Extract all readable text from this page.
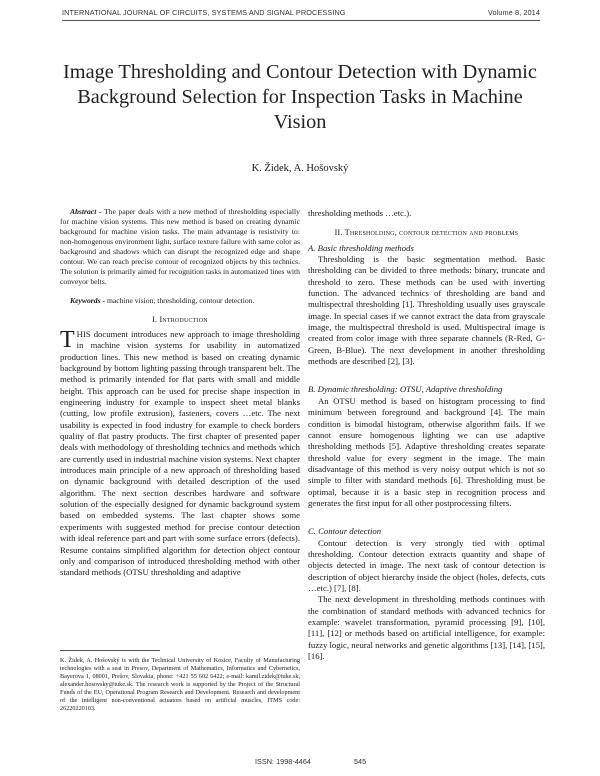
INTERNATIONAL JOURNAL OF CIRCUITS, SYSTEMS AND SIGNAL PROCESSING	Volume 8, 2014
Image Thresholding and Contour Detection with Dynamic Background Selection for Inspection Tasks in Machine Vision
K. Židek, A. Hošovský

Abstract - The paper deals with a new method of thresholding especially for machine vision systems. This new method is based on creating dynamic background for machine vision tasks. The main advantage is resistivity to: non-homogenous environment light, surface texture failure with same color as background and shadows which can disrupt the recognized edge and shape contour. We can reach precise contour of recognized objects by this technics. The solution is primarily aimed for recognition tasks in automatized lines with conveyor belts.

Keywords - machine vision, thresholding, contour detection.

I. Introduction

THIS document introduces new approach to image thresholding in machine vision systems for usability in automatized production lines. This new method is based on creating dynamic background by bottom lighting passing through transparent belt. The method is primarily intended for flat parts with small and middle height. This approach can be used for precise shape inspection in engineering industry for example to inspect sheet metal blanks (cutting, low profile extrusion), fasteners, covers …etc. The next usability is expected in food industry for example to check borders quality of flat pastry products. The first chapter of presented paper deals with methodology of thresholding technics and methods which are currently used in industrial machine vision systems. Next chapter introduces main principle of a new approach of thresholding based on dynamic background with detailed description of the used algorithm. The next section describes hardware and software solution of the especially designed for dynamic background system based on embedded systems. The last chapter shows some experiments with suggested method for precise contour detection with ideal reference part and part with some surface errors (defects). Resume contains simplified algorithm for detection object contour only and comparison of introduced thresholding method with other standard methods (OTSU thresholding and adaptive

thresholding methods …etc.).

II. Thresholding, contour detection and problems

A. Basic thresholding methods

Thresholding is the basic segmentation method. Basic thresholding can be divided to three methods: binary, truncate and threshold to zero. These methods can be used with inverting function. The advanced technics of thresholding are band and multispectral thresholding [1]. Thresholding usually uses grayscale image. In special cases if we cannot extract the data from grayscale image, the multispectral threshold is used. Multispectral image is created from color image with three separate channels (R-Red, G-Green, B-Blue). The next development in another thresholding methods are described [2], [3].

B. Dynamic thresholding: OTSU, Adaptive thresholding

An OTSU method is based on histogram processing to find minimum between foreground and background [4]. The main condition is bimodal histogram, otherwise algorithm fails. If we cannot ensure homogenous lighting we can use adaptive thresholding methods [5]. Adaptive thresholding creates separate threshold value for every segment in the image. The main disadvantage of this method is very noisy output which is not so simple to filter with standard methods [6]. Thresholding must be optimal, because it is a basic step in recognition process and generates the first input for all other postprocessing filters.

C. Contour detection

Contour detection is very strongly tied with optimal thresholding. Contour detection extracts quantity and shape of objects detected in image. The next task of contour detection is description of object hierarchy inside the object (holes, defects, cuts …etc.) [7], [8].

The next development in thresholding methods continues with the combination of standard methods with advanced technics for example: wavelet transformation, pyramid processing [9], [10], [11], [12] or methods based on artificial intelligence, for example: fuzzy logic, neural networks and genetic algorithms [13], [14], [15], [16].

K. Židek, A. Hošovský is with the Technical University of Kosice, Faculty of Manufacturing technologies with a seat in Presov, Department of Mathematics, Informatics and Cybernetics, Bayerova 1, 08001, Prešov, Slovakia, phone: +421 55 602 6422; e-mail: kamil.zidek@tuke.sk, alexander.hosovsky@tuke.sk. The research work is supported by the Project of the Structural Funds of the EU, Operational Program Research and Development. Research and development of the intelligent non-conventional actuators based on artificial muscles, ITMS code: 26220220103.
ISSN: 1998-4464	545
